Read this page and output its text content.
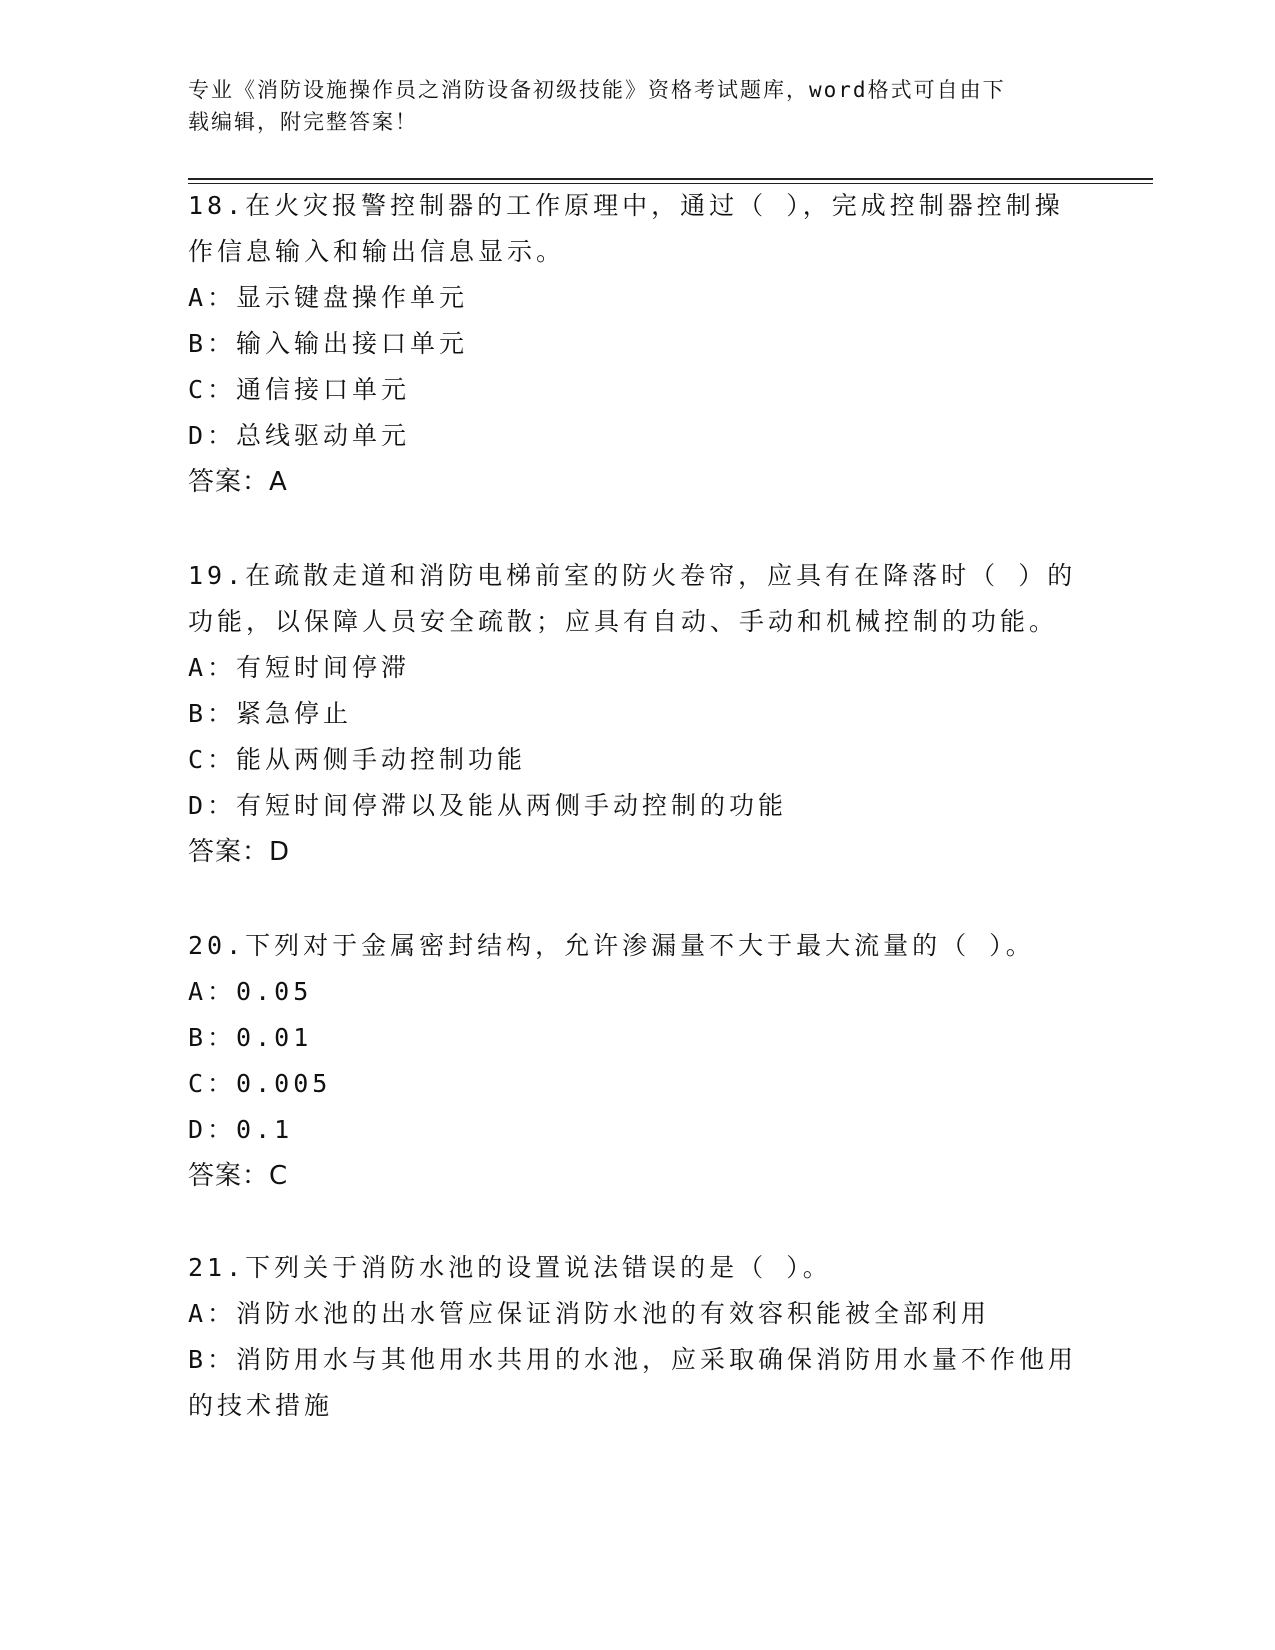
专业《消防设施操作员之消防设备初级技能》资格考试题库，word格式可自由下
载编辑，附完整答案！
18.在火灾报警控制器的工作原理中，通过（ ），完成控制器控制操
作信息输入和输出信息显示。
A：显示键盘操作单元
B：输入输出接口单元
C：通信接口单元
D：总线驱动单元
答案：A
19.在疏散走道和消防电梯前室的防火卷帘，应具有在降落时（ ）的
功能，以保障人员安全疏散；应具有自动、手动和机械控制的功能。
A：有短时间停滞
B：紧急停止
C：能从两侧手动控制功能
D：有短时间停滞以及能从两侧手动控制的功能
答案：D
20.下列对于金属密封结构，允许渗漏量不大于最大流量的（ ）。
A：0.05
B：0.01
C：0.005
D：0.1
答案：C
21.下列关于消防水池的设置说法错误的是（ ）。
A：消防水池的出水管应保证消防水池的有效容积能被全部利用
B：消防用水与其他用水共用的水池，应采取确保消防用水量不作他用
的技术措施
